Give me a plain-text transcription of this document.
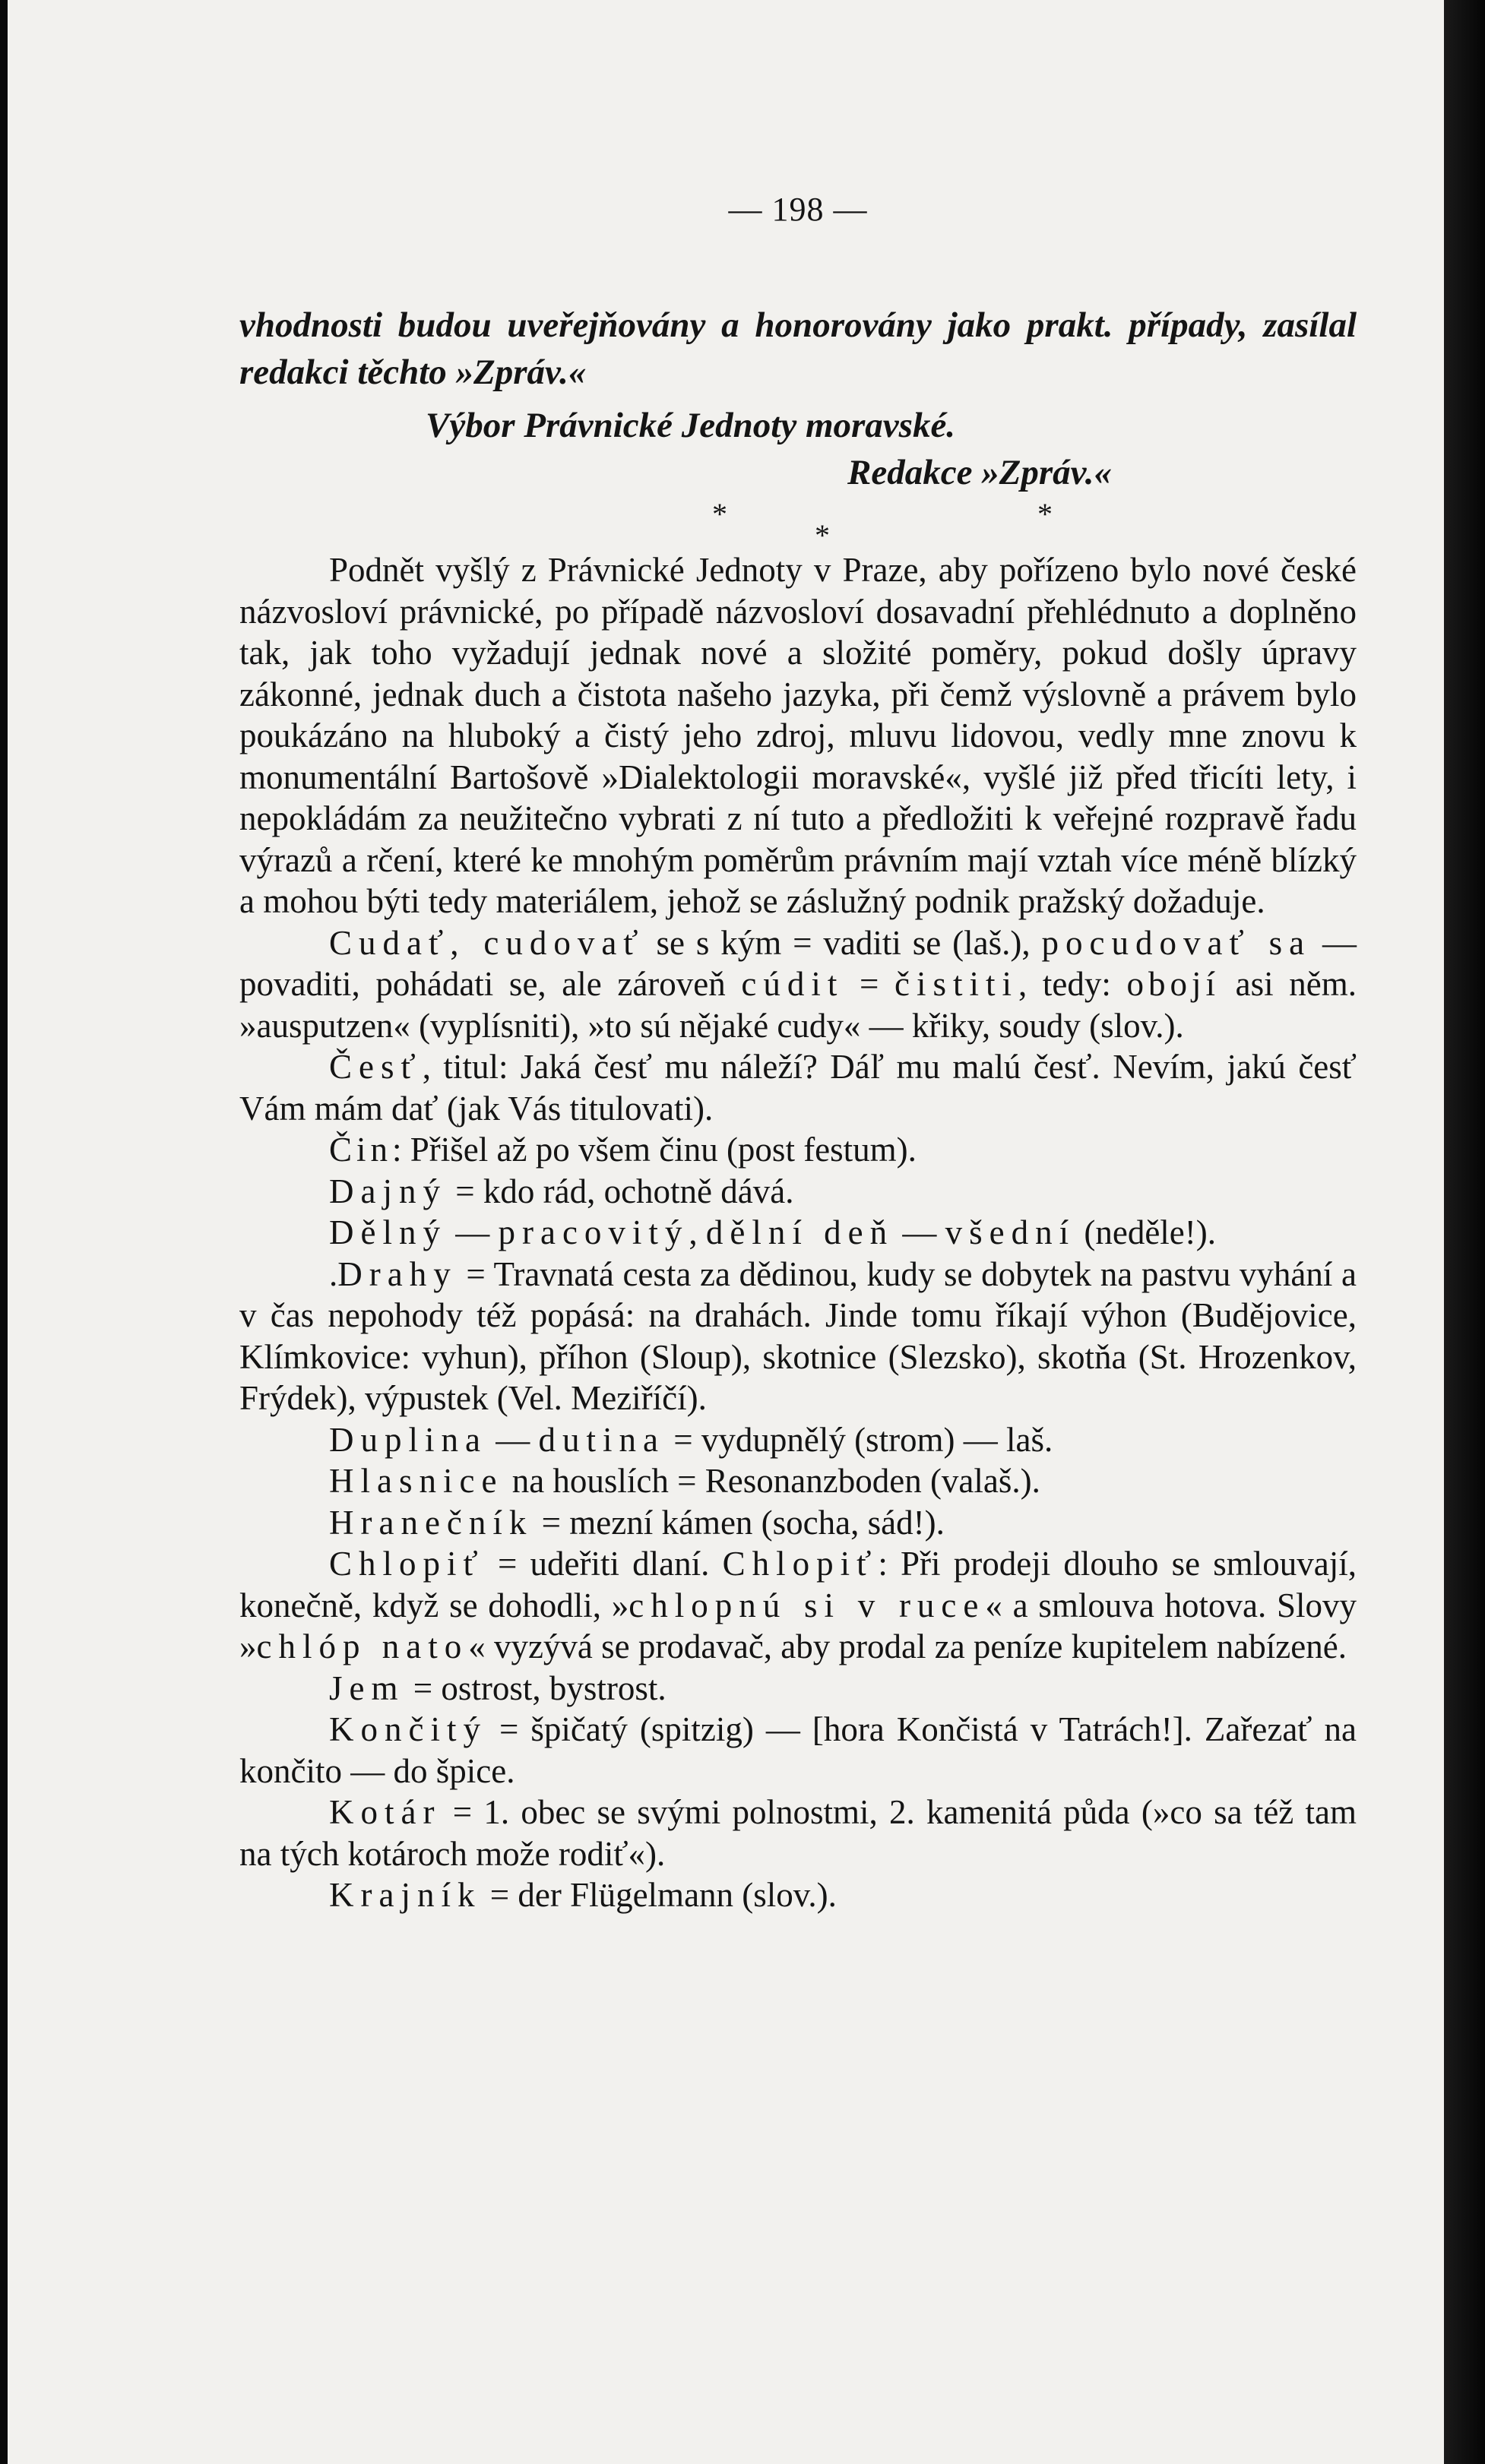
— 198 —

vhodnosti budou uveřejňovány a honorovány jako prakt. případy, zasílal redakci těchto »Zpráv.«

Výbor Právnické Jednoty moravské.

Redakce »Zpráv.«

*	*
*

Podnět vyšlý z Právnické Jednoty v Praze, aby pořízeno bylo nové české názvosloví právnické, po případě názvosloví dosavadní přehlédnuto a doplněno tak, jak toho vyžadují jednak nové a složité poměry, pokud došly úpravy zákonné, jednak duch a čistota našeho jazyka, při čemž výslovně a právem bylo poukázáno na hluboký a čistý jeho zdroj, mluvu lidovou, vedly mne znovu k monumentální Bartošově »Dialektologii moravské«, vyšlé již před třicíti lety, i nepokládám za neužitečno vybrati z ní tuto a předložiti k veřejné rozpravě řadu výrazů a rčení, které ke mnohým poměrům právním mají vztah více méně blízký a mohou býti tedy materiálem, jehož se záslužný podnik pražský dožaduje.

Cudať, cudovať se s kým = vaditi se (laš.), pocudovať sa — povaditi, pohádati se, ale zároveň cúdit = čistiti, tedy: obojí asi něm. »ausputzen« (vyplísniti), »to sú nějaké cudy« — křiky, soudy (slov.).

Česť, titul: Jaká česť mu náleží? Dáľ mu malú česť. Nevím, jakú česť Vám mám dať (jak Vás titulovati).

Čin: Přišel až po všem činu (post festum).

Dajný = kdo rád, ochotně dává.

Dělný — pracovitý, dělní deň — všední (neděle!).

.Drahy = Travnatá cesta za dědinou, kudy se dobytek na pastvu vyhání a v čas nepohody též popásá: na drahách. Jinde tomu říkají výhon (Budějovice, Klímkovice: vyhun), příhon (Sloup), skotnice (Slezsko), skotňa (St. Hrozenkov, Frýdek), výpustek (Vel. Meziříčí).

Duplina — dutina = vydupnělý (strom) — laš.

Hlasnice na houslích = Resonanzboden (valaš.).

Hranečník = mezní kámen (socha, sád!).

Chlopiť = udeřiti dlaní. Chlopiť: Při prodeji dlouho se smlouvají, konečně, když se dohodli, »chlopnú si v ruce« a smlouva hotova. Slovy »chlóp nato« vyzývá se prodavač, aby prodal za peníze kupitelem nabízené.

Jem = ostrost, bystrost.

Končitý = špičatý (spitzig) — [hora Končistá v Tatrách!]. Zařezať na končito — do špice.

Kotár = 1. obec se svými polnostmi, 2. kamenitá půda (»co sa též tam na tých kotároch može rodiť«).

Krajník = der Flügelmann (slov.).
